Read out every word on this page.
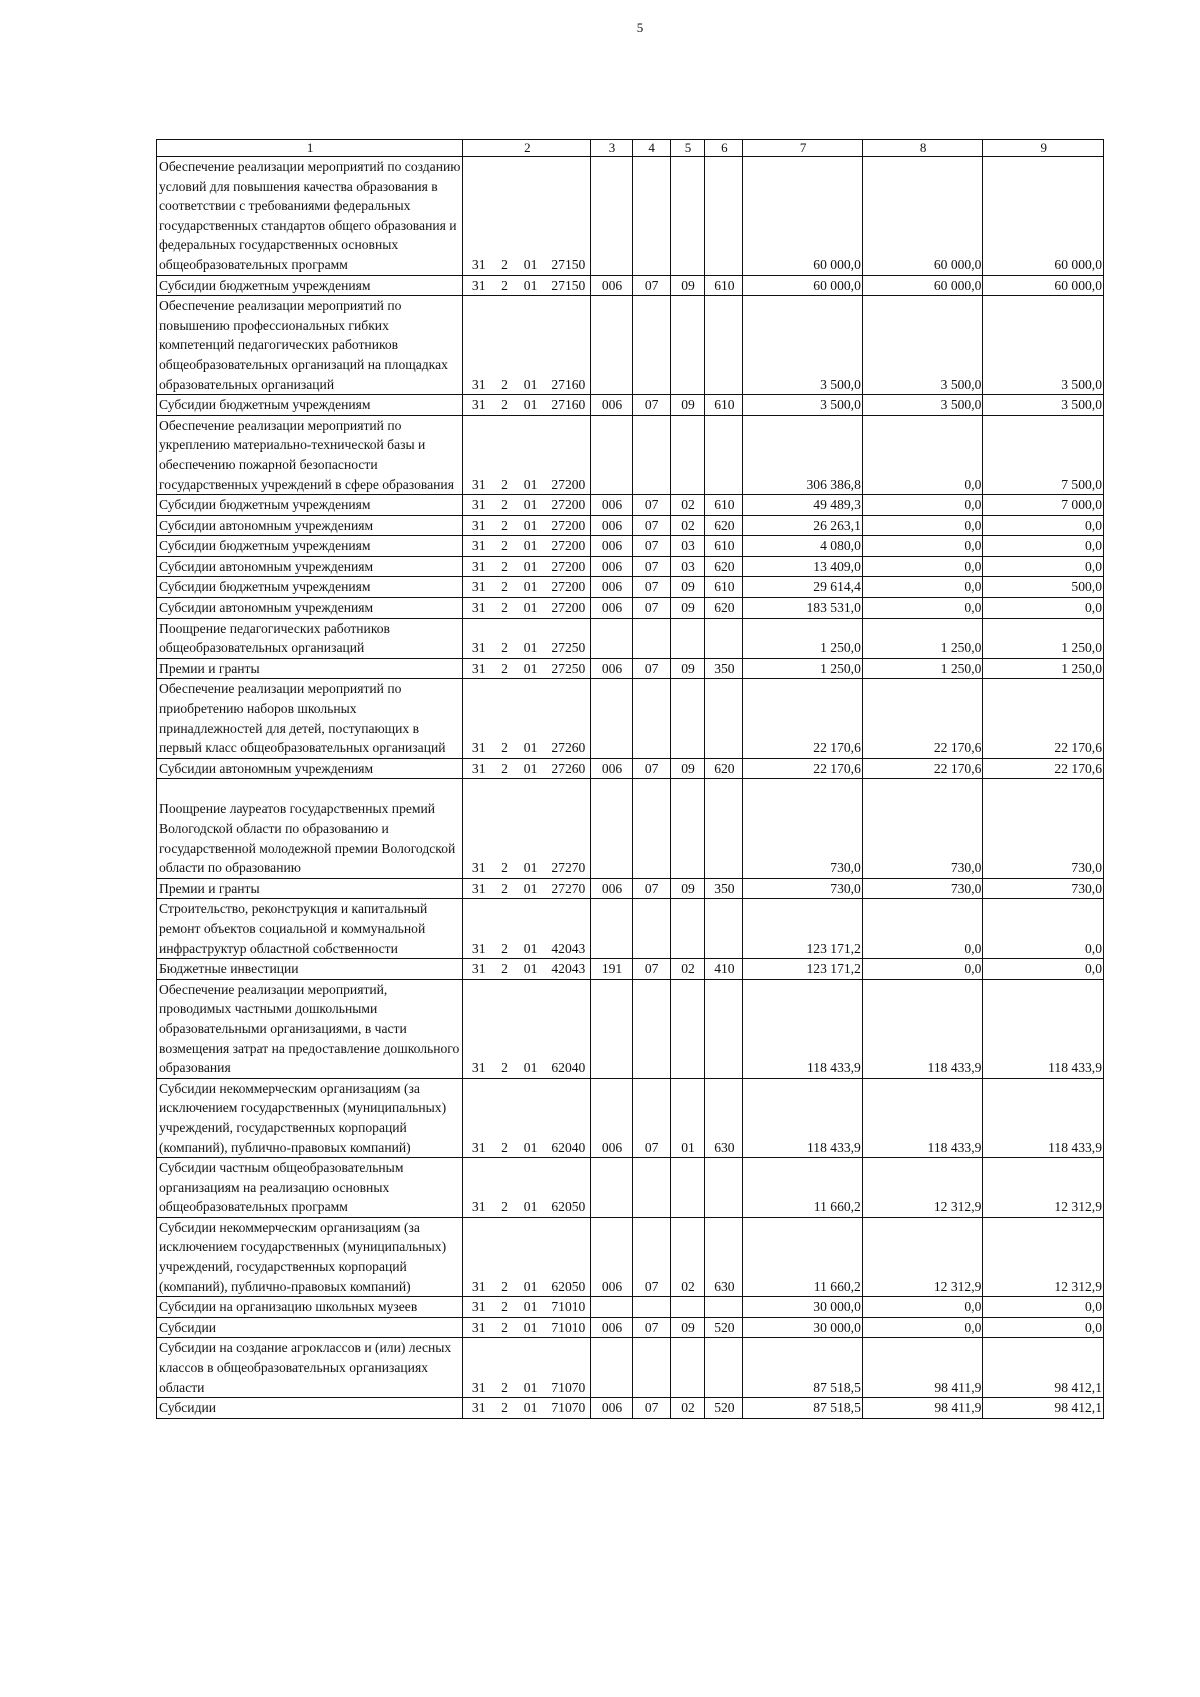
5
1	2				3	4	5	6	7	8	9
Обеспечение реализации мероприятий по созданию условий для повышения качества образования в соответствии с требованиями федеральных государственных стандартов общего образования и федеральных государственных основных общеобразовательных программ	31	2	01	27150					60 000,0	60 000,0	60 000,0
Субсидии бюджетным учреждениям	31	2	01	27150	006	07	09	610	60 000,0	60 000,0	60 000,0
Обеспечение реализации мероприятий по повышению профессиональных гибких компетенций педагогических работников общеобразовательных организаций на площадках образовательных организаций	31	2	01	27160					3 500,0	3 500,0	3 500,0
Субсидии бюджетным учреждениям	31	2	01	27160	006	07	09	610	3 500,0	3 500,0	3 500,0
Обеспечение реализации мероприятий по укреплению материально-технической базы и обеспечению пожарной безопасности государственных учреждений в сфере образования	31	2	01	27200					306 386,8	0,0	7 500,0
Субсидии бюджетным учреждениям	31	2	01	27200	006	07	02	610	49 489,3	0,0	7 000,0
Субсидии автономным учреждениям	31	2	01	27200	006	07	02	620	26 263,1	0,0	0,0
Субсидии бюджетным учреждениям	31	2	01	27200	006	07	03	610	4 080,0	0,0	0,0
Субсидии автономным учреждениям	31	2	01	27200	006	07	03	620	13 409,0	0,0	0,0
Субсидии бюджетным учреждениям	31	2	01	27200	006	07	09	610	29 614,4	0,0	500,0
Субсидии автономным учреждениям	31	2	01	27200	006	07	09	620	183 531,0	0,0	0,0
Поощрение педагогических работников общеобразовательных организаций	31	2	01	27250					1 250,0	1 250,0	1 250,0
Премии и гранты	31	2	01	27250	006	07	09	350	1 250,0	1 250,0	1 250,0
Обеспечение реализации мероприятий по приобретению наборов школьных принадлежностей для детей, поступающих в первый класс общеобразовательных организаций	31	2	01	27260					22 170,6	22 170,6	22 170,6
Субсидии автономным учреждениям	31	2	01	27260	006	07	09	620	22 170,6	22 170,6	22 170,6
Поощрение лауреатов государственных премий Вологодской области по образованию и государственной молодежной премии Вологодской области по образованию	31	2	01	27270					730,0	730,0	730,0
Премии и гранты	31	2	01	27270	006	07	09	350	730,0	730,0	730,0
Строительство, реконструкция и капитальный ремонт объектов социальной и коммунальной инфраструктур областной собственности	31	2	01	42043					123 171,2	0,0	0,0
Бюджетные инвестиции	31	2	01	42043	191	07	02	410	123 171,2	0,0	0,0
Обеспечение реализации мероприятий, проводимых частными дошкольными образовательными организациями, в части возмещения затрат на предоставление дошкольного образования	31	2	01	62040					118 433,9	118 433,9	118 433,9
Субсидии некоммерческим организациям (за исключением государственных (муниципальных) учреждений, государственных корпораций (компаний), публично-правовых компаний)	31	2	01	62040	006	07	01	630	118 433,9	118 433,9	118 433,9
Субсидии частным общеобразовательным организациям на реализацию основных общеобразовательных программ	31	2	01	62050					11 660,2	12 312,9	12 312,9
Субсидии некоммерческим организациям (за исключением государственных (муниципальных) учреждений, государственных корпораций (компаний), публично-правовых компаний)	31	2	01	62050	006	07	02	630	11 660,2	12 312,9	12 312,9
Субсидии на организацию школьных музеев	31	2	01	71010					30 000,0	0,0	0,0
Субсидии	31	2	01	71010	006	07	09	520	30 000,0	0,0	0,0
Субсидии на создание агроклассов и (или) лесных классов в общеобразовательных организациях области	31	2	01	71070					87 518,5	98 411,9	98 412,1
Субсидии	31	2	01	71070	006	07	02	520	87 518,5	98 411,9	98 412,1
